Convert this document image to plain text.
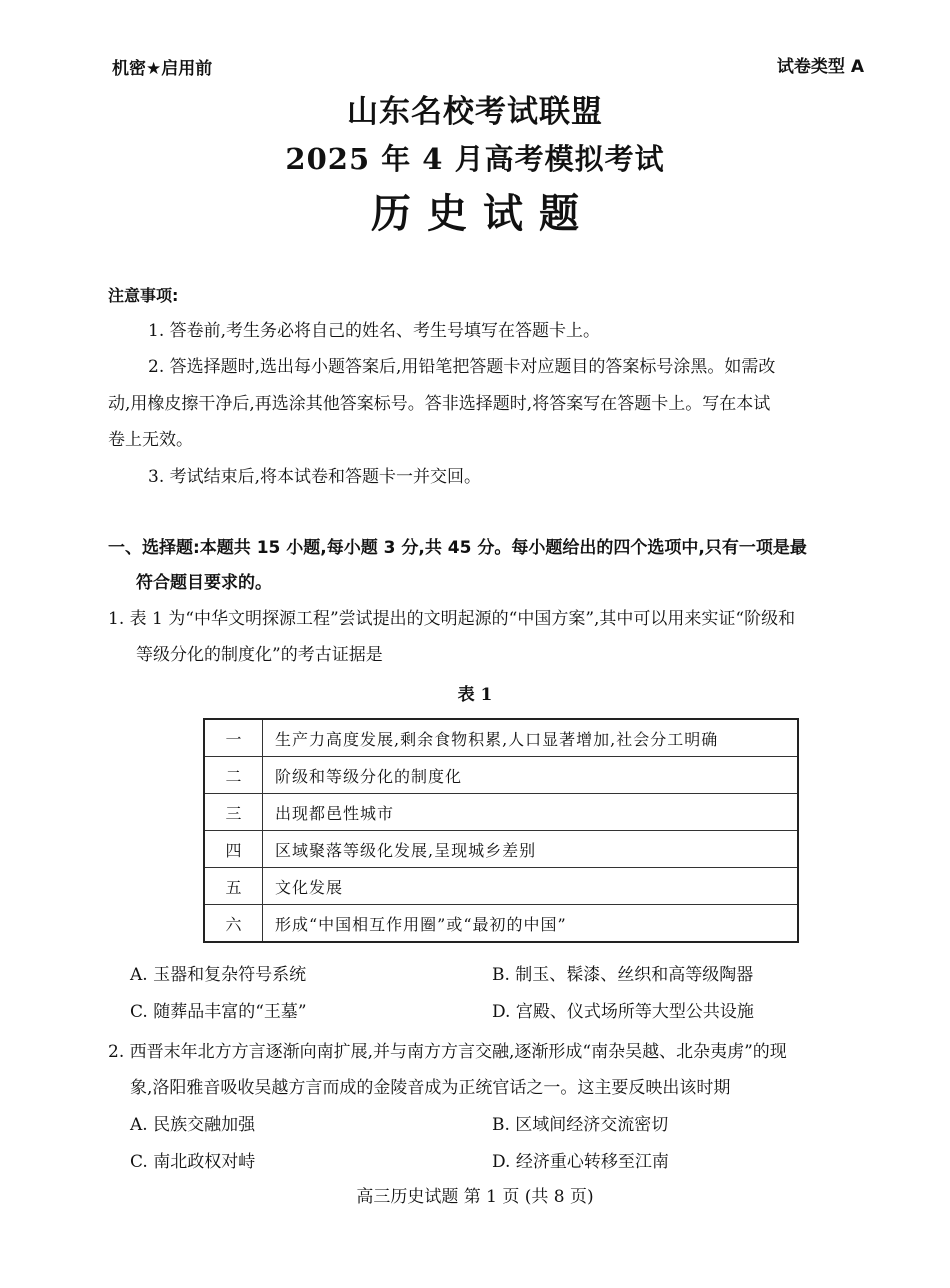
机密★启用前	试卷类型 A
山东名校考试联盟
2025 年 4 月高考模拟考试
历史试题
注意事项:
1. 答卷前,考生务必将自己的姓名、考生号填写在答题卡上。
2. 答选择题时,选出每小题答案后,用铅笔把答题卡对应题目的答案标号涂黑。如需改
动,用橡皮擦干净后,再选涂其他答案标号。答非选择题时,将答案写在答题卡上。写在本试
卷上无效。
3. 考试结束后,将本试卷和答题卡一并交回。
一、选择题:本题共 15 小题,每小题 3 分,共 45 分。每小题给出的四个选项中,只有一项是最
符合题目要求的。
1. 表 1 为“中华文明探源工程”尝试提出的文明起源的“中国方案”,其中可以用来实证“阶级和
等级分化的制度化”的考古证据是
表 1
一	生产力高度发展,剩余食物积累,人口显著增加,社会分工明确
二	阶级和等级分化的制度化
三	出现都邑性城市
四	区域聚落等级化发展,呈现城乡差别
五	文化发展
六	形成“中国相互作用圈”或“最初的中国”
A. 玉器和复杂符号系统	B. 制玉、髹漆、丝织和高等级陶器
C. 随葬品丰富的“王墓”	D. 宫殿、仪式场所等大型公共设施
2. 西晋末年北方方言逐渐向南扩展,并与南方方言交融,逐渐形成“南杂吴越、北杂夷虏”的现
象,洛阳雅音吸收吴越方言而成的金陵音成为正统官话之一。这主要反映出该时期
A. 民族交融加强	B. 区域间经济交流密切
C. 南北政权对峙	D. 经济重心转移至江南
高三历史试题 第 1 页 (共 8 页)
